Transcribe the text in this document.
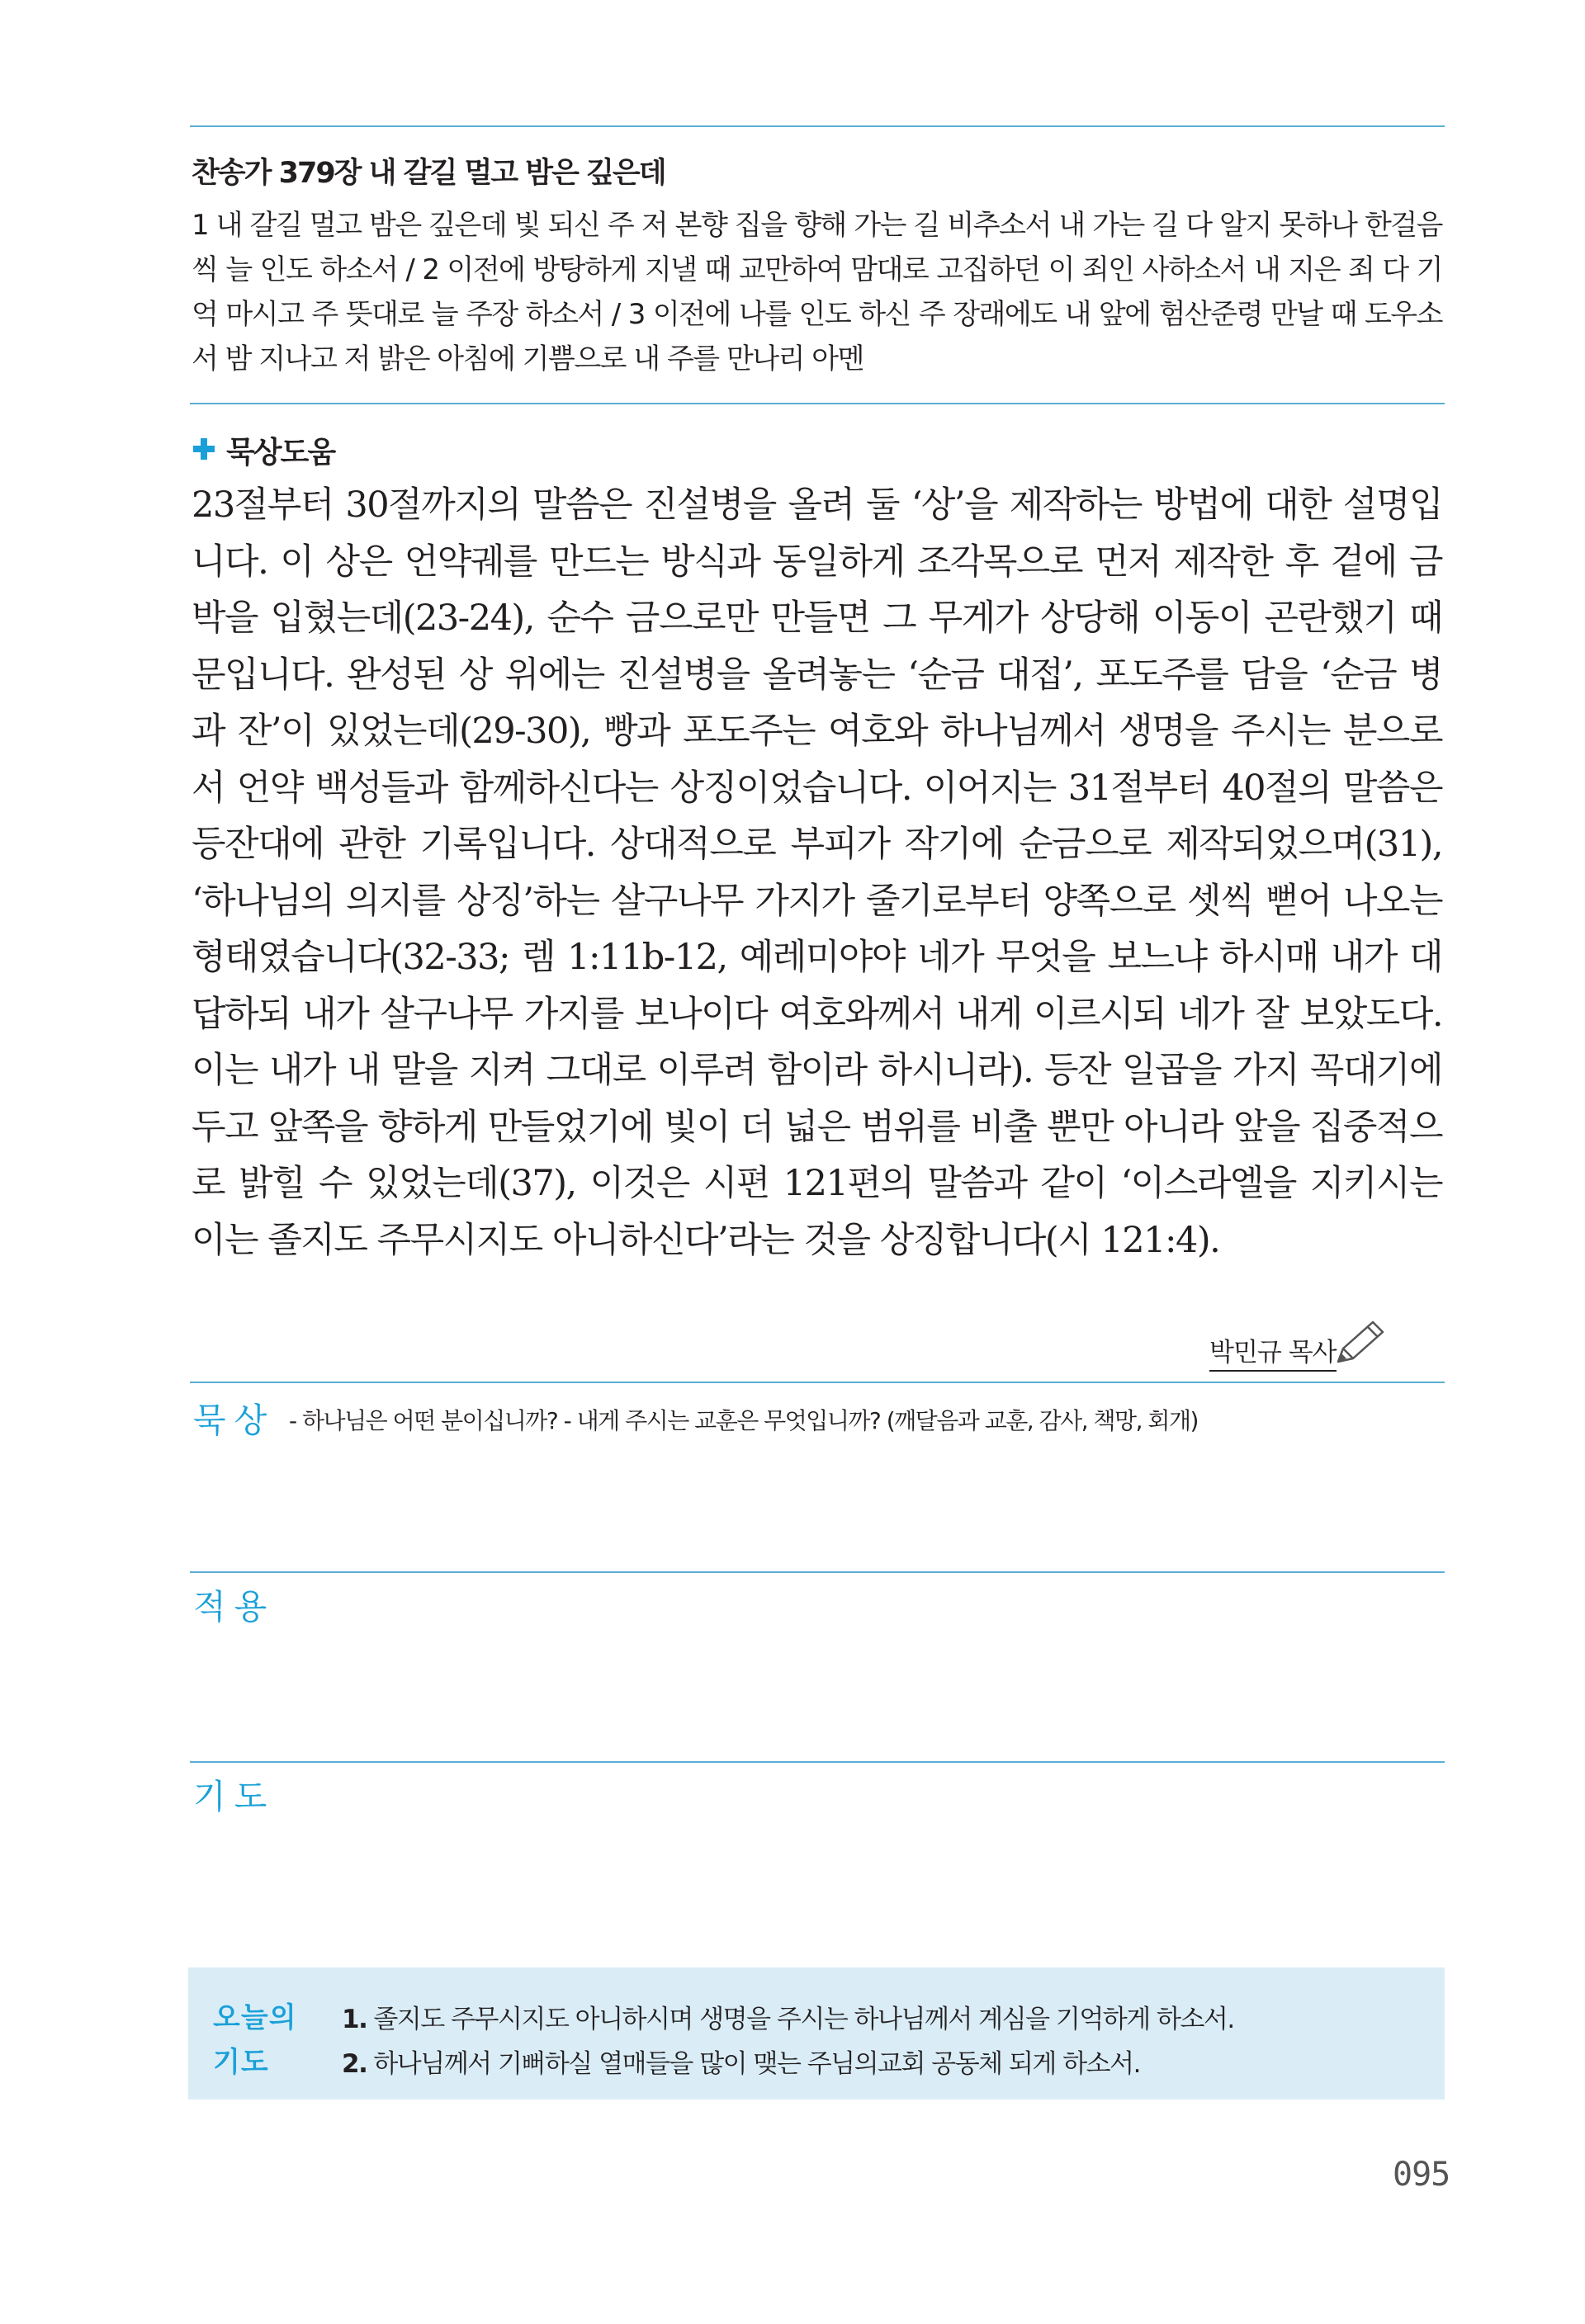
찬송가 379장 내 갈길 멀고 밤은 깊은데
1 내 갈길 멀고 밤은 깊은데 빛 되신 주 저 본향 집을 향해 가는 길 비추소서 내 가는 길 다 알지 못하나 한걸음씩 늘 인도 하소서 / 2 이전에 방탕하게 지낼 때 교만하여 맘대로 고집하던 이 죄인 사하소서 내 지은 죄 다 기억 마시고 주 뜻대로 늘 주장 하소서 / 3 이전에 나를 인도 하신 주 장래에도 내 앞에 험산준령 만날 때 도우소서 밤 지나고 저 밝은 아침에 기쁨으로 내 주를 만나리 아멘
묵상도움
23절부터 30절까지의 말씀은 진설병을 올려 둘 ‘상’을 제작하는 방법에 대한 설명입니다. 이 상은 언약궤를 만드는 방식과 동일하게 조각목으로 먼저 제작한 후 겉에 금박을 입혔는데(23-24), 순수 금으로만 만들면 그 무게가 상당해 이동이 곤란했기 때문입니다. 완성된 상 위에는 진설병을 올려놓는 ‘순금 대접’, 포도주를 담을 ‘순금 병과 잔’이 있었는데(29-30), 빵과 포도주는 여호와 하나님께서 생명을 주시는 분으로서 언약 백성들과 함께하신다는 상징이었습니다. 이어지는 31절부터 40절의 말씀은 등잔대에 관한 기록입니다. 상대적으로 부피가 작기에 순금으로 제작되었으며(31), ‘하나님의 의지를 상징’하는 살구나무 가지가 줄기로부터 양쪽으로 셋씩 뻗어 나오는 형태였습니다(32-33; 렘 1:11b-12, 예레미야야 네가 무엇을 보느냐 하시매 내가 대답하되 내가 살구나무 가지를 보나이다 여호와께서 내게 이르시되 네가 잘 보았도다. 이는 내가 내 말을 지켜 그대로 이루려 함이라 하시니라). 등잔 일곱을 가지 꼭대기에 두고 앞쪽을 향하게 만들었기에 빛이 더 넓은 범위를 비출 뿐만 아니라 앞을 집중적으로 밝힐 수 있었는데(37), 이것은 시편 121편의 말씀과 같이 ‘이스라엘을 지키시는 이는 졸지도 주무시지도 아니하신다’라는 것을 상징합니다(시 121:4).
박민규 목사
묵상 - 하나님은 어떤 분이십니까? - 내게 주시는 교훈은 무엇입니까? (깨달음과 교훈, 감사, 책망, 회개)
적용
기도
오늘의
기도
1. 졸지도 주무시지도 아니하시며 생명을 주시는 하나님께서 계심을 기억하게 하소서.
2. 하나님께서 기뻐하실 열매들을 많이 맺는 주님의교회 공동체 되게 하소서.
095
